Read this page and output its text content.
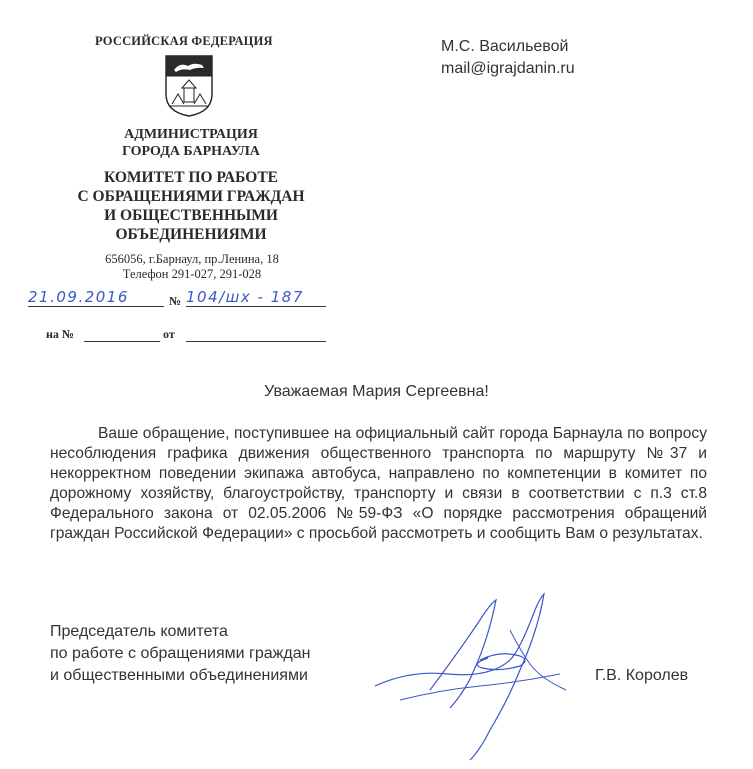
РОССИЙСКАЯ ФЕДЕРАЦИЯ
АДМИНИСТРАЦИЯ
ГОРОДА БАРНАУЛА
КОМИТЕТ ПО РАБОТЕ
С ОБРАЩЕНИЯМИ ГРАЖДАН
И ОБЩЕСТВЕННЫМИ
ОБЪЕДИНЕНИЯМИ
656056, г.Барнаул, пр.Ленина, 18
Телефон 291-027, 291-028
21.09.2016	№ 104/шх - 187
на №	от
М.С. Васильевой
mail@igrajdanin.ru
Уважаемая Мария Сергеевна!

Ваше обращение, поступившее на официальный сайт города Барнаула по вопросу несоблюдения графика движения общественного транспорта по маршруту №37 и некорректном поведении экипажа автобуса, направлено по компетенции в комитет по дорожному хозяйству, благоустройству, транспорту и связи в соответствии с п.3 ст.8 Федерального закона от 02.05.2006 №59-ФЗ «О порядке рассмотрения обращений граждан Российской Федерации» с просьбой рассмотреть и сообщить Вам о результатах.

Председатель комитета
по работе с обращениями граждан
и общественными объединениями	Г.В. Королев
